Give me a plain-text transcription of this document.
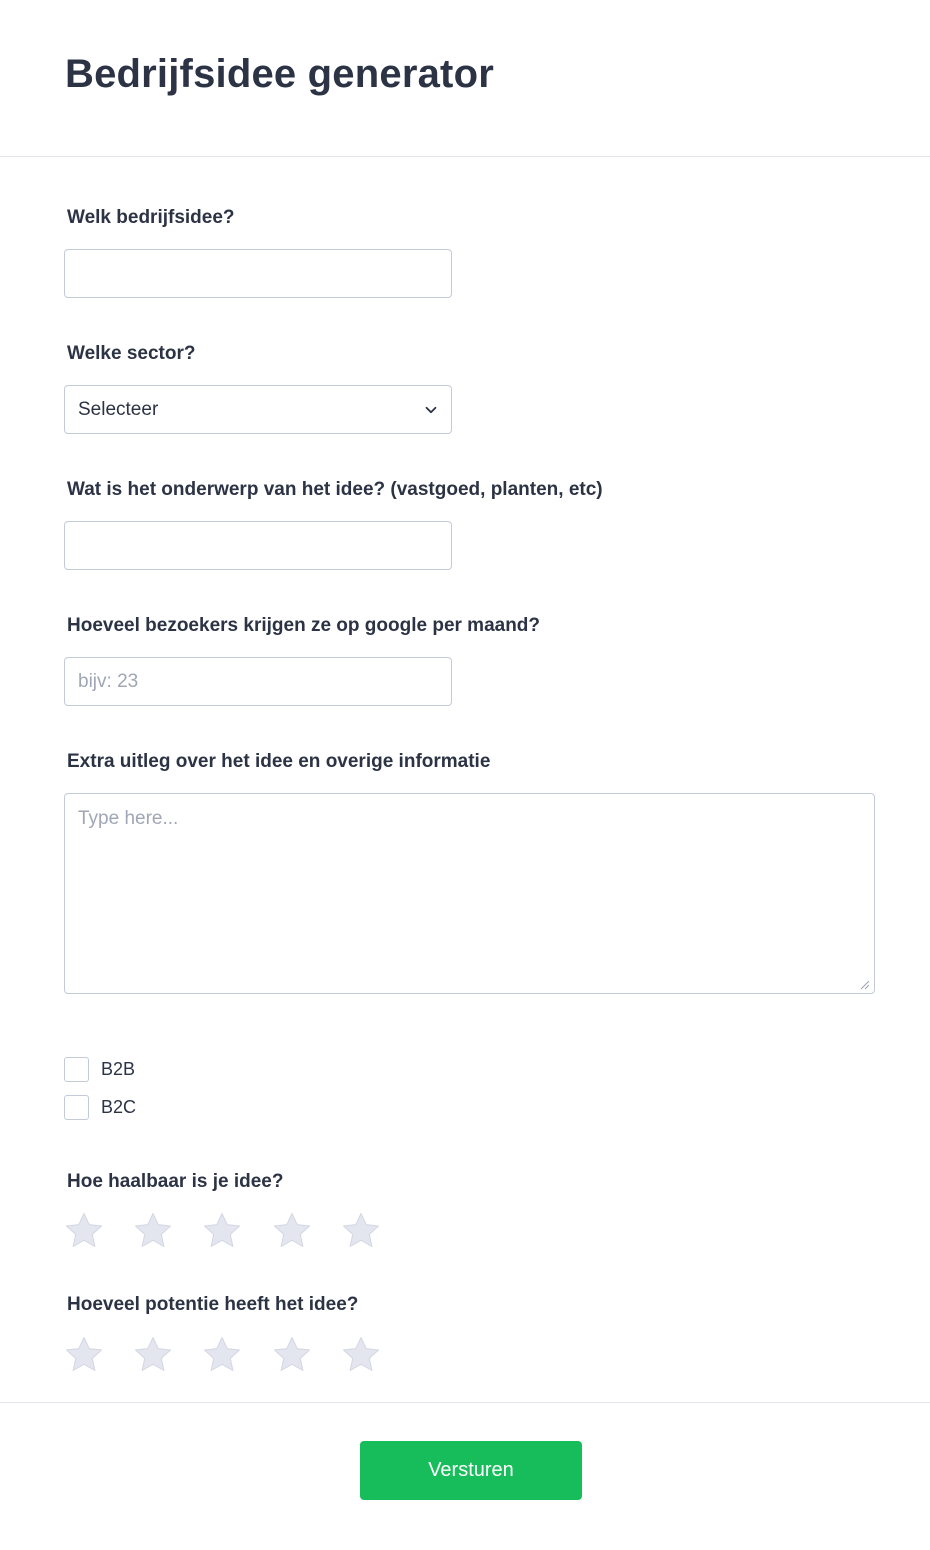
Bedrijfsidee generator
Welk bedrijfsidee?
Welke sector?
Selecteer
Wat is het onderwerp van het idee? (vastgoed, planten, etc)
Hoeveel bezoekers krijgen ze op google per maand?
bijv: 23
Extra uitleg over het idee en overige informatie
Type here...
B2B
B2C
Hoe haalbaar is je idee?
Hoeveel potentie heeft het idee?
Versturen
